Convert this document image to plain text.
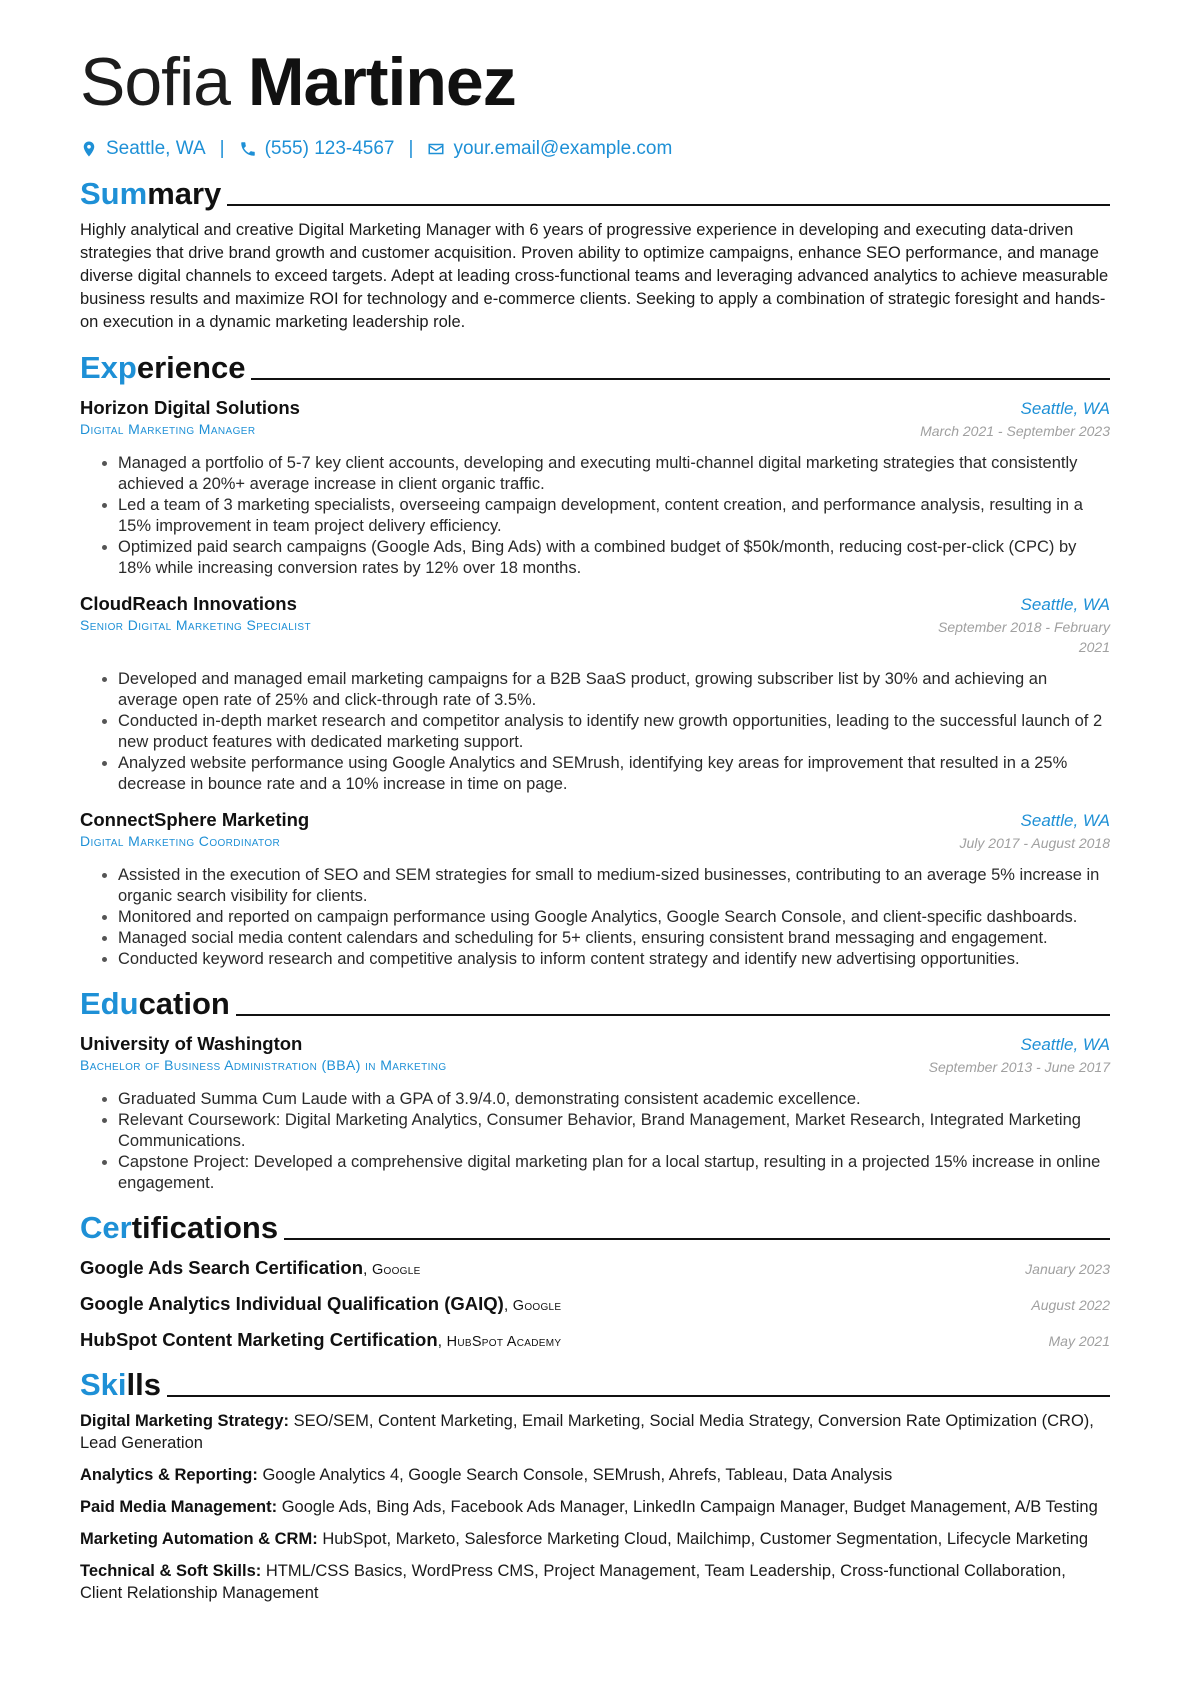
Sofia Martinez
Seattle, WA | (555) 123-4567 | your.email@example.com
Summary
Highly analytical and creative Digital Marketing Manager with 6 years of progressive experience in developing and executing data-driven strategies that drive brand growth and customer acquisition. Proven ability to optimize campaigns, enhance SEO performance, and manage diverse digital channels to exceed targets. Adept at leading cross-functional teams and leveraging advanced analytics to achieve measurable business results and maximize ROI for technology and e-commerce clients. Seeking to apply a combination of strategic foresight and hands-on execution in a dynamic marketing leadership role.
Experience
Horizon Digital Solutions	Seattle, WA
Digital Marketing Manager	March 2021 - September 2023
• Managed a portfolio of 5-7 key client accounts, developing and executing multi-channel digital marketing strategies that consistently achieved a 20%+ average increase in client organic traffic.
• Led a team of 3 marketing specialists, overseeing campaign development, content creation, and performance analysis, resulting in a 15% improvement in team project delivery efficiency.
• Optimized paid search campaigns (Google Ads, Bing Ads) with a combined budget of $50k/month, reducing cost-per-click (CPC) by 18% while increasing conversion rates by 12% over 18 months.
CloudReach Innovations	Seattle, WA
Senior Digital Marketing Specialist	September 2018 - February 2021
• Developed and managed email marketing campaigns for a B2B SaaS product, growing subscriber list by 30% and achieving an average open rate of 25% and click-through rate of 3.5%.
• Conducted in-depth market research and competitor analysis to identify new growth opportunities, leading to the successful launch of 2 new product features with dedicated marketing support.
• Analyzed website performance using Google Analytics and SEMrush, identifying key areas for improvement that resulted in a 25% decrease in bounce rate and a 10% increase in time on page.
ConnectSphere Marketing	Seattle, WA
Digital Marketing Coordinator	July 2017 - August 2018
• Assisted in the execution of SEO and SEM strategies for small to medium-sized businesses, contributing to an average 5% increase in organic search visibility for clients.
• Monitored and reported on campaign performance using Google Analytics, Google Search Console, and client-specific dashboards.
• Managed social media content calendars and scheduling for 5+ clients, ensuring consistent brand messaging and engagement.
• Conducted keyword research and competitive analysis to inform content strategy and identify new advertising opportunities.
Education
University of Washington	Seattle, WA
Bachelor of Business Administration (BBA) in Marketing	September 2013 - June 2017
• Graduated Summa Cum Laude with a GPA of 3.9/4.0, demonstrating consistent academic excellence.
• Relevant Coursework: Digital Marketing Analytics, Consumer Behavior, Brand Management, Market Research, Integrated Marketing Communications.
• Capstone Project: Developed a comprehensive digital marketing plan for a local startup, resulting in a projected 15% increase in online engagement.
Certifications
Google Ads Search Certification, Google	January 2023
Google Analytics Individual Qualification (GAIQ), Google	August 2022
HubSpot Content Marketing Certification, HubSpot Academy	May 2021
Skills
Digital Marketing Strategy: SEO/SEM, Content Marketing, Email Marketing, Social Media Strategy, Conversion Rate Optimization (CRO), Lead Generation
Analytics & Reporting: Google Analytics 4, Google Search Console, SEMrush, Ahrefs, Tableau, Data Analysis
Paid Media Management: Google Ads, Bing Ads, Facebook Ads Manager, LinkedIn Campaign Manager, Budget Management, A/B Testing
Marketing Automation & CRM: HubSpot, Marketo, Salesforce Marketing Cloud, Mailchimp, Customer Segmentation, Lifecycle Marketing
Technical & Soft Skills: HTML/CSS Basics, WordPress CMS, Project Management, Team Leadership, Cross-functional Collaboration, Client Relationship Management
